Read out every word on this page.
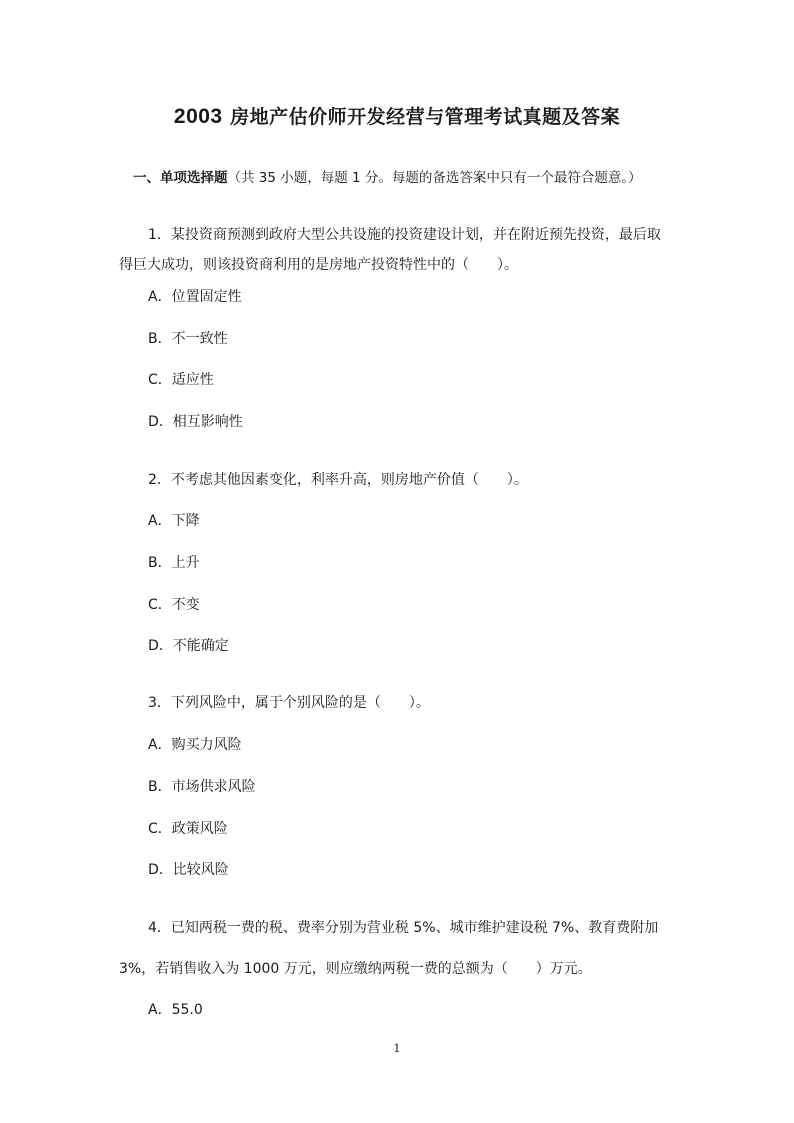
2003 房地产估价师开发经营与管理考试真题及答案
一、单项选择题（共 35 小题，每题 1 分。每题的备选答案中只有一个最符合题意。）
1．某投资商预测到政府大型公共设施的投资建设计划，并在附近预先投资，最后取
得巨大成功，则该投资商利用的是房地产投资特性中的（　　）。
A．位置固定性
B．不一致性
C．适应性
D．相互影响性
2．不考虑其他因素变化，利率升高，则房地产价值（　　）。
A．下降
B．上升
C．不变
D．不能确定
3．下列风险中，属于个别风险的是（　　）。
A．购买力风险
B．市场供求风险
C．政策风险
D．比较风险
4．已知两税一费的税、费率分别为营业税 5%、城市维护建设税 7%、教育费附加
3%，若销售收入为 1000 万元，则应缴纳两税一费的总额为（　　）万元。
A．55.0
1
